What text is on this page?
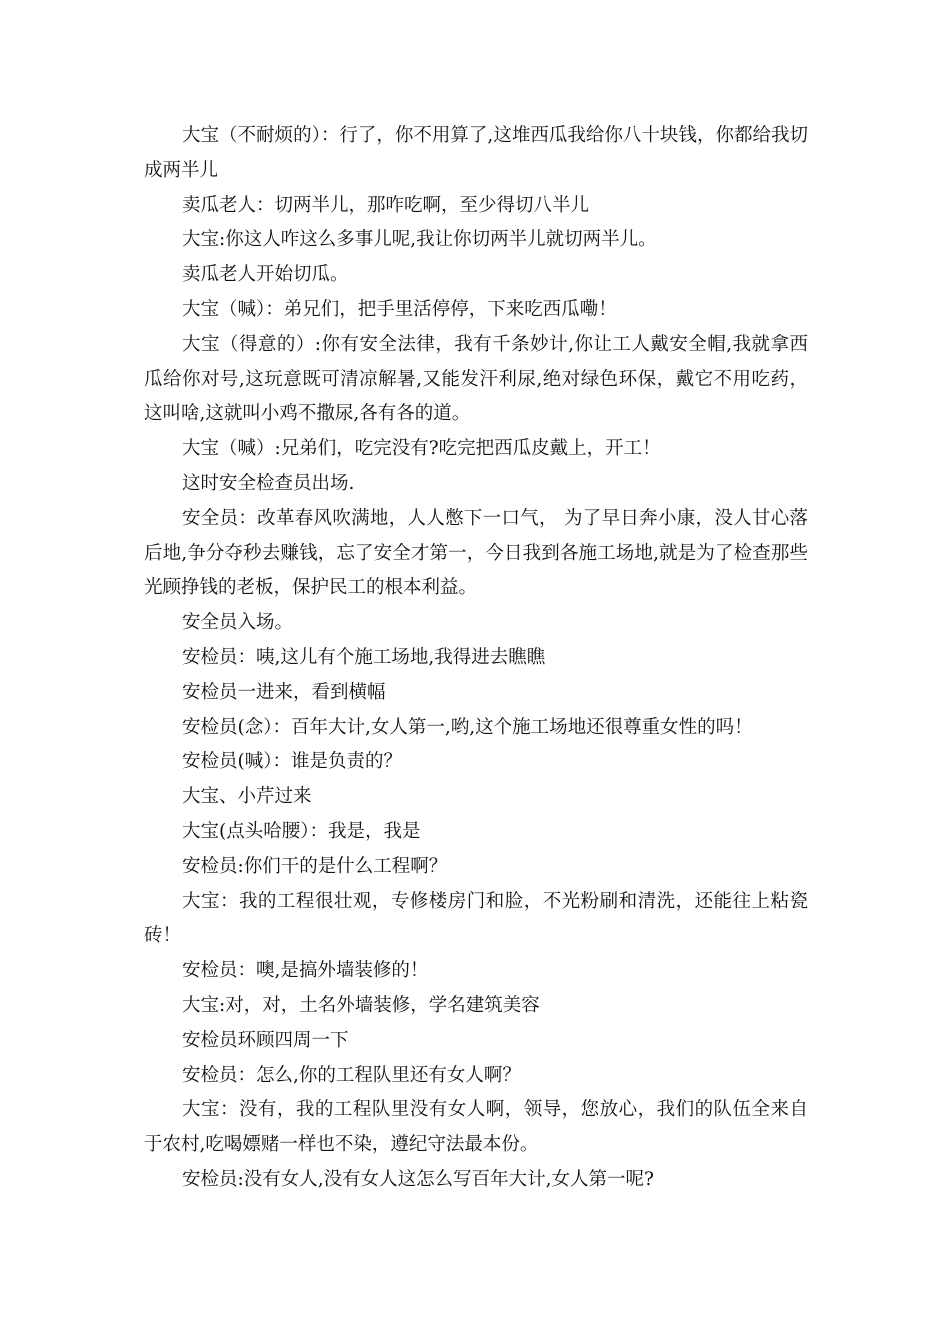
大宝（不耐烦的）：行了，你不用算了,这堆西瓜我给你八十块钱，你都给我切成两半儿

卖瓜老人：切两半儿，那咋吃啊，至少得切八半儿

大宝:你这人咋这么多事儿呢,我让你切两半儿就切两半儿。

卖瓜老人开始切瓜。

大宝（喊）：弟兄们，把手里活停停，下来吃西瓜嘞！

大宝（得意的）:你有安全法律，我有千条妙计,你让工人戴安全帽,我就拿西瓜给你对号,这玩意既可清凉解暑,又能发汗利尿,绝对绿色环保，戴它不用吃药，这叫啥,这就叫小鸡不撒尿,各有各的道。

大宝（喊）:兄弟们，吃完没有?吃完把西瓜皮戴上，开工！

这时安全检查员出场.

安全员：改革春风吹满地，人人憋下一口气， 为了早日奔小康，没人甘心落后地,争分夺秒去赚钱，忘了安全才第一，今日我到各施工场地,就是为了检查那些光顾挣钱的老板，保护民工的根本利益。

安全员入场。

安检员：咦,这儿有个施工场地,我得进去瞧瞧

安检员一进来，看到横幅

安检员(念）：百年大计,女人第一,哟,这个施工场地还很尊重女性的吗！

安检员(喊）：谁是负责的？

大宝、小芹过来

大宝(点头哈腰）：我是，我是

安检员:你们干的是什么工程啊？

大宝：我的工程很壮观，专修楼房门和脸，不光粉刷和清洗，还能往上粘瓷砖！

安检员：噢,是搞外墙装修的！

大宝:对，对，土名外墙装修，学名建筑美容

安检员环顾四周一下

安检员：怎么,你的工程队里还有女人啊？

大宝：没有，我的工程队里没有女人啊，领导，您放心，我们的队伍全来自于农村,吃喝嫖赌一样也不染，遵纪守法最本份。

安检员:没有女人,没有女人这怎么写百年大计,女人第一呢?
